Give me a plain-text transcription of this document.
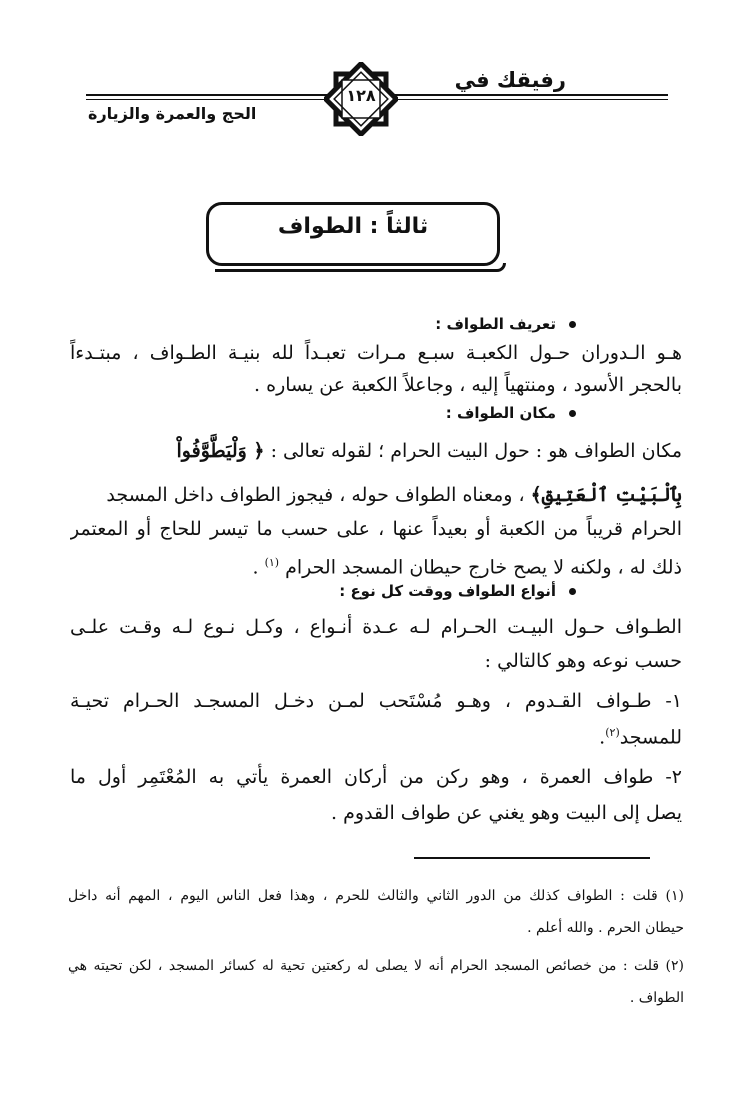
رفيقك في
الحج والعمرة والزيارة
١٢٨
ثالثاً : الطواف
تعريف الطواف :
هـو الـدوران حـول الكعبـة سبـع مـرات تعبـداً لله بنيـة الطـواف ، مبتـدءاً
بالحجر الأسود ، ومنتهياً إليه ، وجاعلاً الكعبة عن يساره .
مكان الطواف :
مكان الطواف هو : حول البيت الحرام ؛ لقوله تعالى : ﴿ وَلْيَطَّوَّفُواْ
بِٱلْبَيْتِ ٱلْعَتِيقِ﴾ ، ومعناه الطواف حوله ، فيجوز الطواف داخل المسجد
الحرام قريباً من الكعبة أو بعيداً عنها ، على حسب ما تيسر للحاج أو المعتمر
ذلك له ، ولكنه لا يصح خارج حيطان المسجد الحرام $^{(١)}$ .
أنواع الطواف ووقت كل نوع :
الطـواف حـول البيـت الحـرام لـه عـدة أنـواع ، وكـل نـوع لـه وقـت علـى
حسب نوعه وهو كالتالي :
١- طـواف القـدوم ، وهـو مُسْتَحب لمـن دخـل المسجـد الحـرام تحيـة
للمسجد$^{(٢)}$.
٢- طواف العمرة ، وهو ركن من أركان العمرة يأتي به المُعْتَمِر أول ما
يصل إلى البيت وهو يغني عن طواف القدوم .
(١) قلت : الطواف كذلك من الدور الثاني والثالث للحرم ، وهذا فعل الناس اليوم ، المهم أنه داخل
حيطان الحرم . والله أعلم .
(٢) قلت : من خصائص المسجد الحرام أنه لا يصلى له ركعتين تحية له كسائر المسجد ، لكن تحيته هي
الطواف .
